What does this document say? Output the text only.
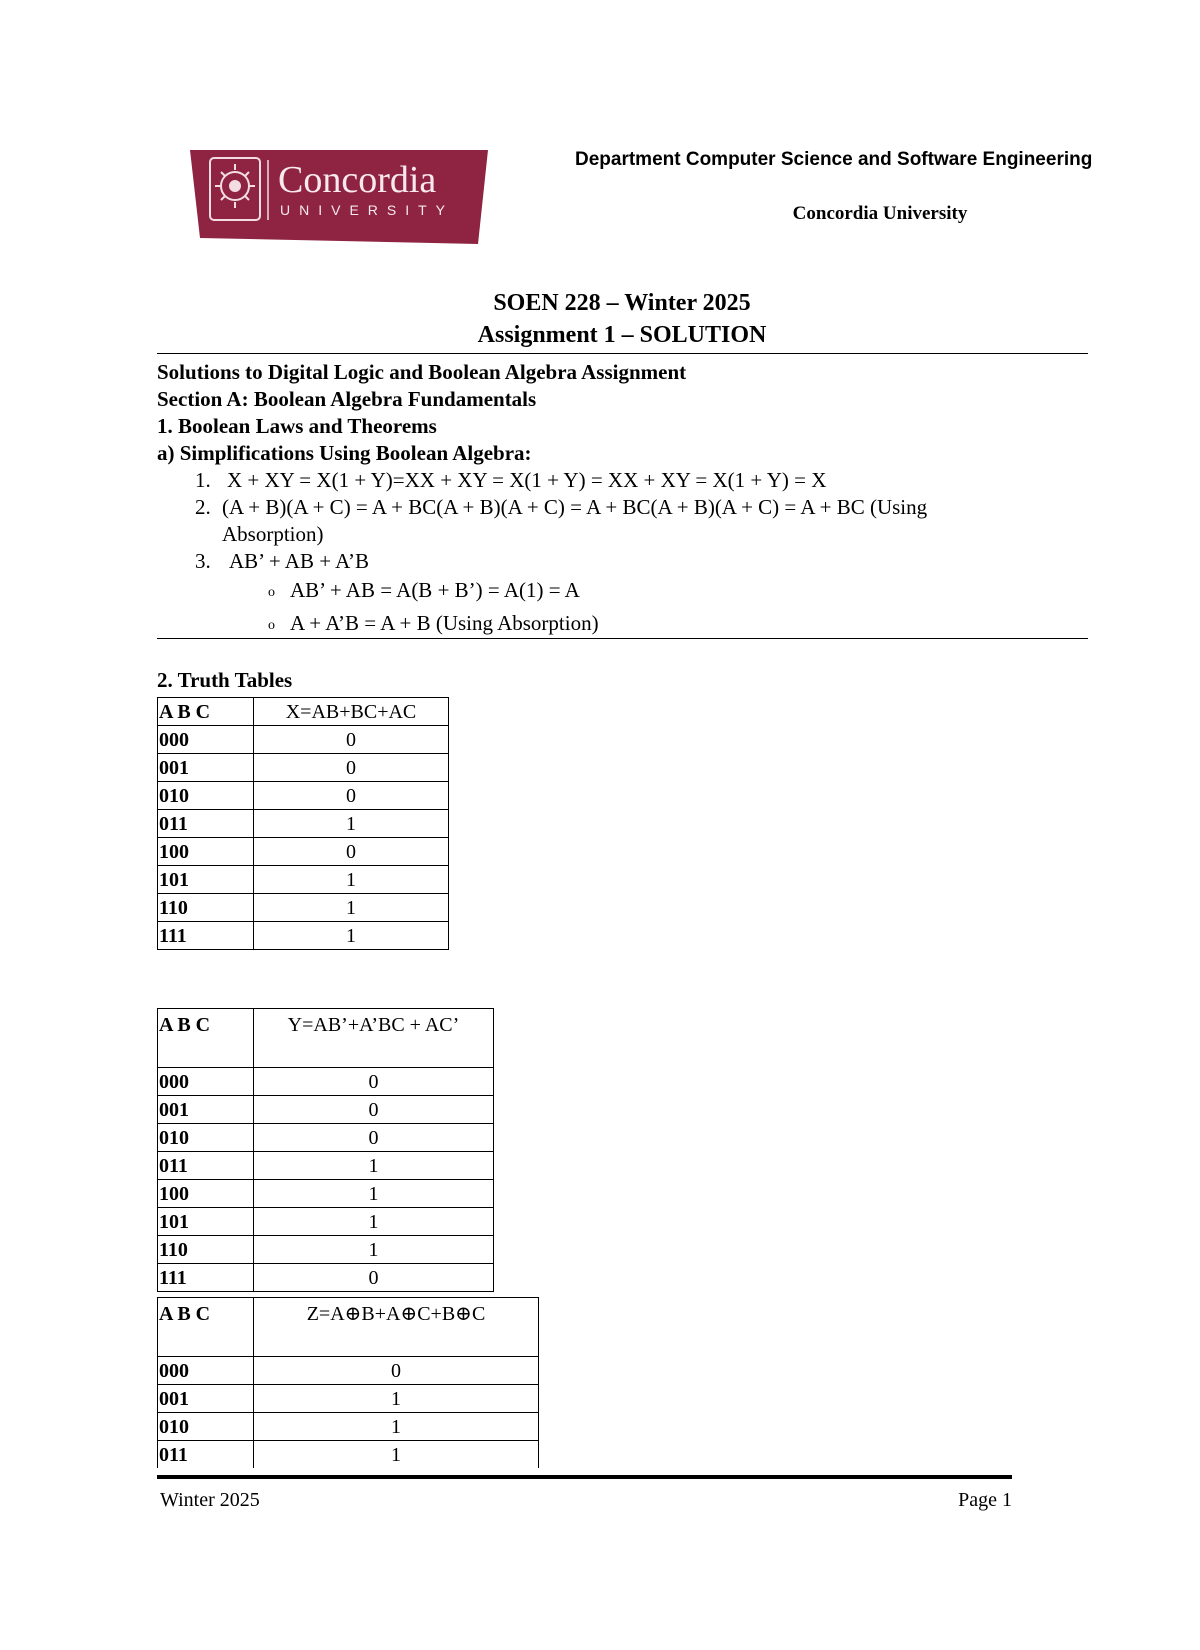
Concordia
UNIVERSITY
Department Computer Science and Software Engineering
Concordia University
SOEN 228 – Winter 2025
Assignment 1 – SOLUTION
Solutions to Digital Logic and Boolean Algebra Assignment
Section A: Boolean Algebra Fundamentals
1. Boolean Laws and Theorems
a) Simplifications Using Boolean Algebra:
1. X + XY = X(1 + Y)=XX + XY = X(1 + Y) = XX + XY = X(1 + Y) = X
2. (A + B)(A + C) = A + BC(A + B)(A + C) = A + BC(A + B)(A + C) = A + BC (Using
Absorption)
3. AB’ + AB + A’B
o AB’ + AB = A(B + B’) = A(1) = A
o A + A’B = A + B (Using Absorption)
2. Truth Tables
A B C	X=AB+BC+AC
000	0
001	0
010	0
011	1
100	0
101	1
110	1
111	1
A B C	Y=AB’+A’BC + AC’
000	0
001	0
010	0
011	1
100	1
101	1
110	1
111	0
A B C	Z=A⊕B+A⊕C+B⊕C
000	0
001	1
010	1
011	1
Winter 2025	Page 1
